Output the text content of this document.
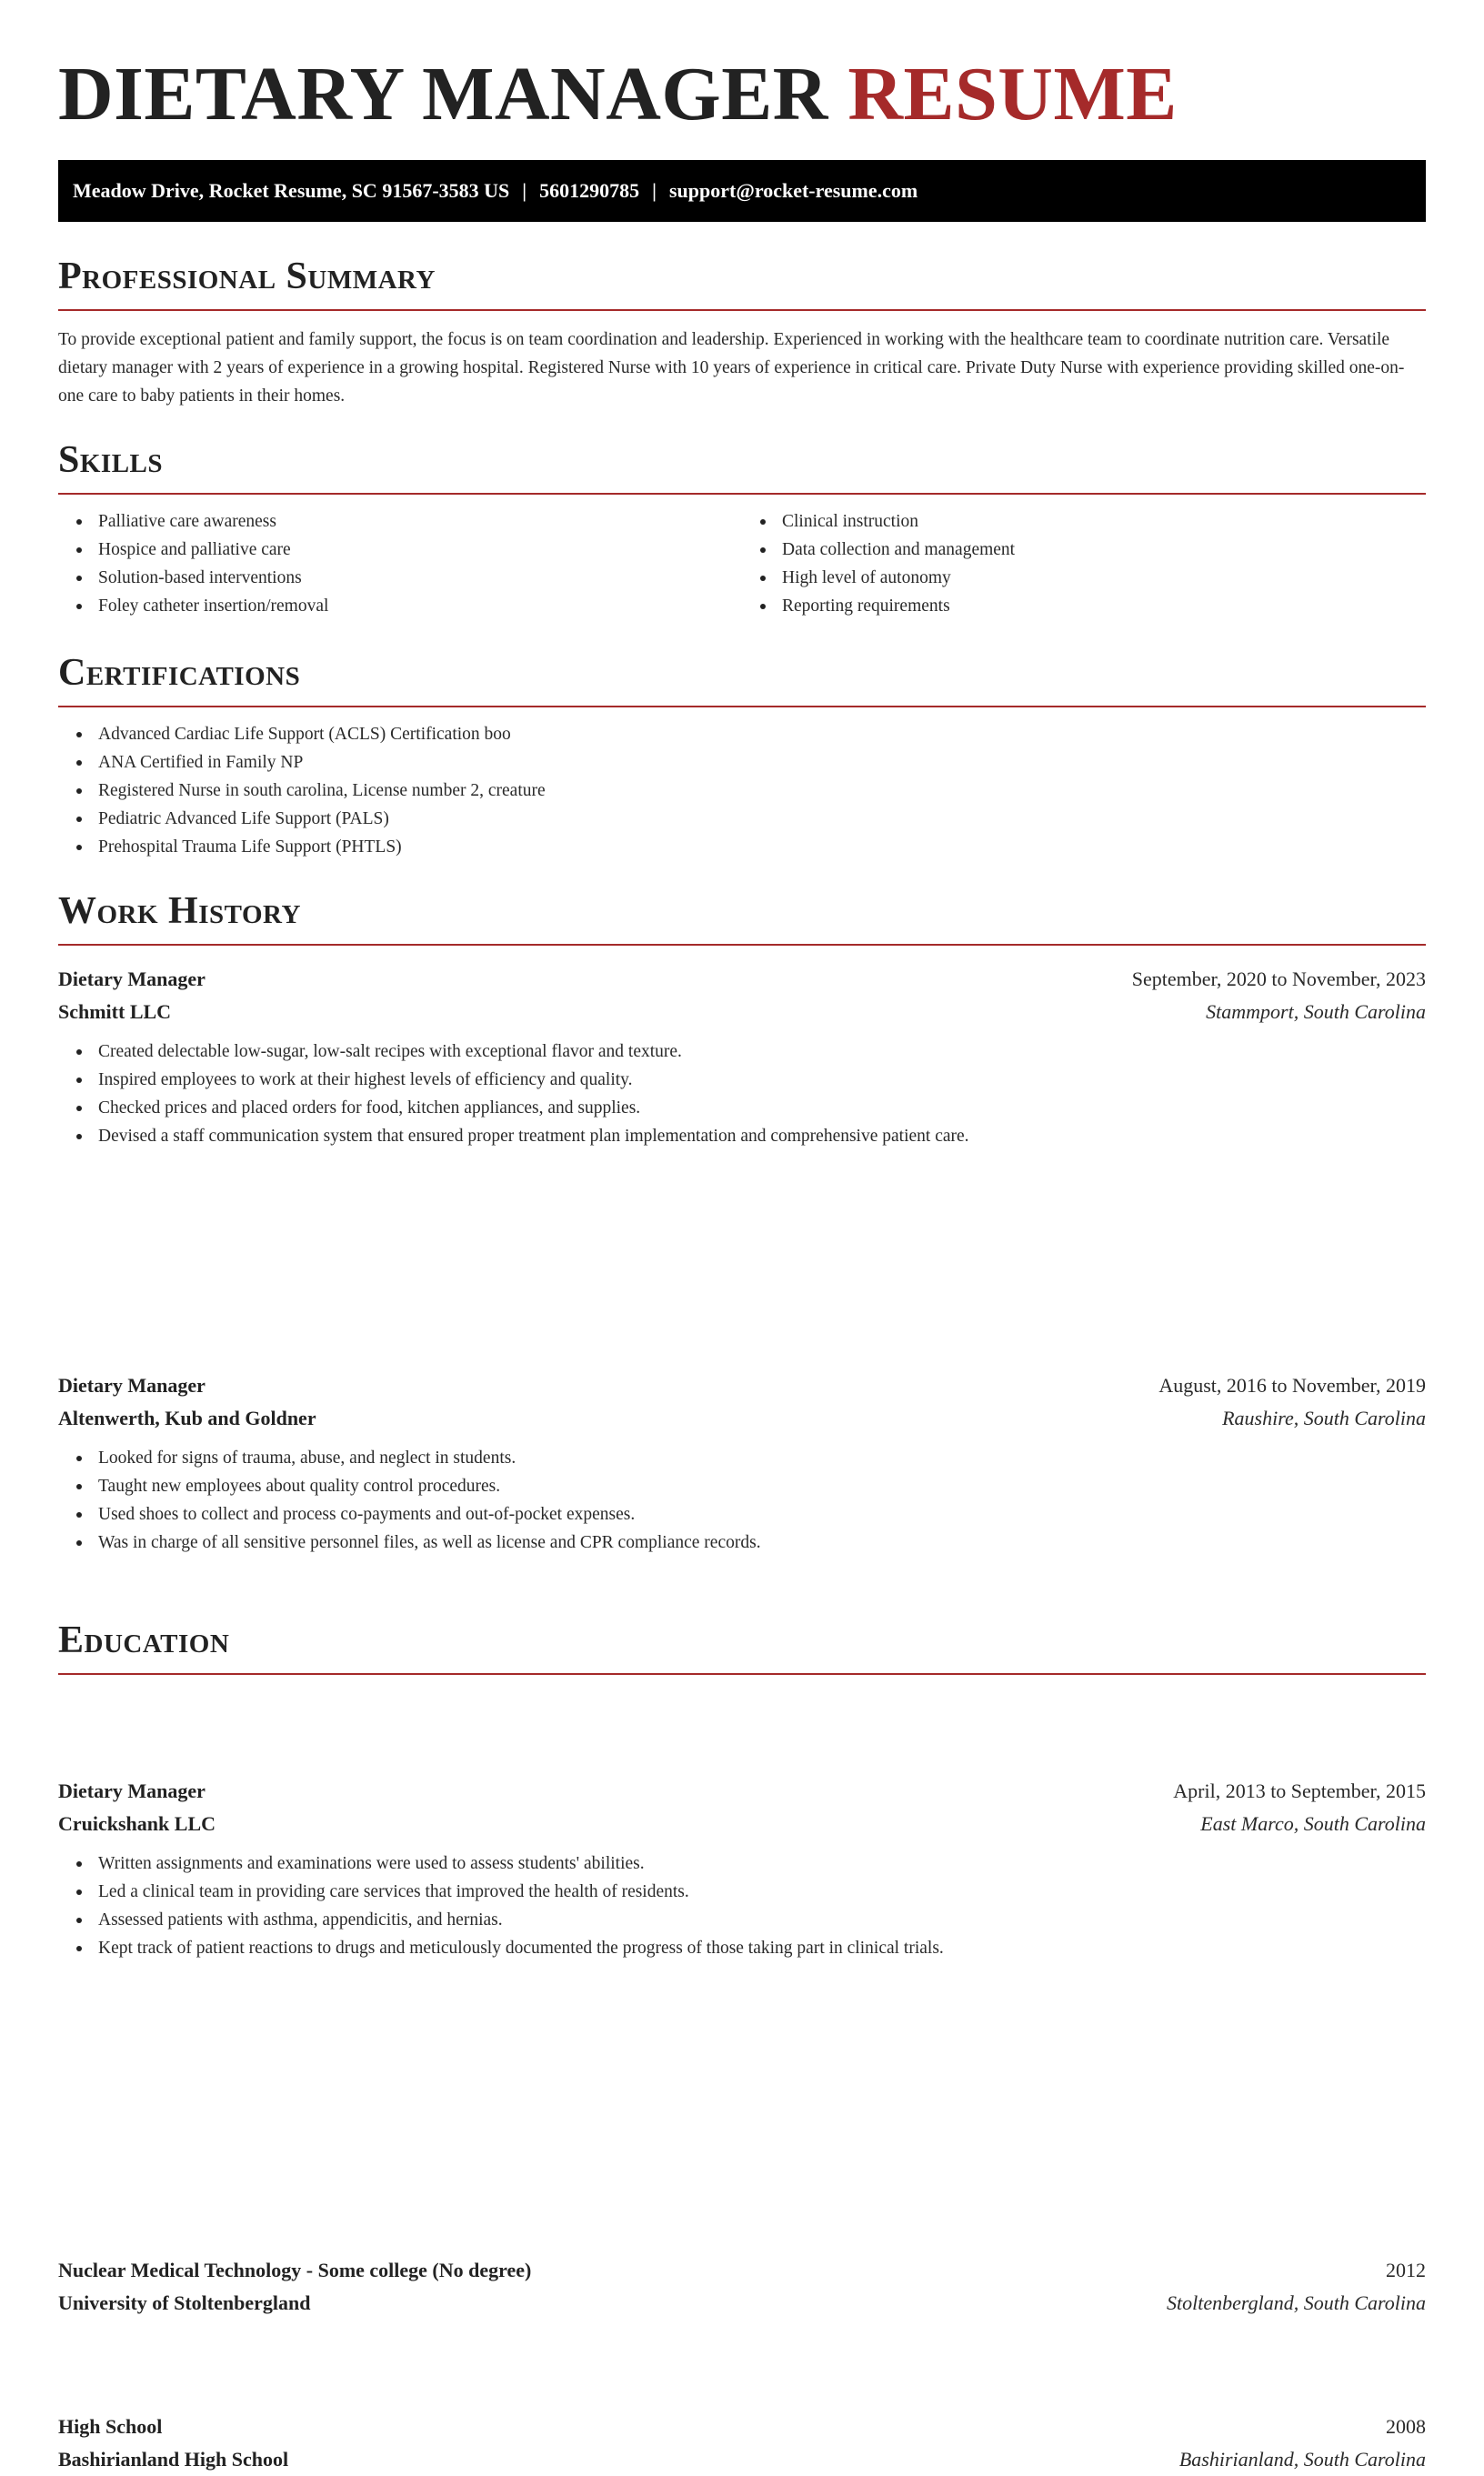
DIETARY MANAGER RESUME
Meadow Drive, Rocket Resume, SC 91567-3583 US | 5601290785 | support@rocket-resume.com
Professional Summary

To provide exceptional patient and family support, the focus is on team coordination and leadership. Experienced in working with the healthcare team to coordinate nutrition care. Versatile dietary manager with 2 years of experience in a growing hospital. Registered Nurse with 10 years of experience in critical care. Private Duty Nurse with experience providing skilled one-on-one care to baby patients in their homes.

Skills
Palliative care awareness
Hospice and palliative care
Solution-based interventions
Foley catheter insertion/removal
Clinical instruction
Data collection and management
High level of autonomy
Reporting requirements
Certifications
Advanced Cardiac Life Support (ACLS) Certification boo
ANA Certified in Family NP
Registered Nurse in south carolina, License number 2, creature
Pediatric Advanced Life Support (PALS)
Prehospital Trauma Life Support (PHTLS)
Work History
Dietary Manager	September, 2020 to November, 2023
Schmitt LLC	Stammport, South Carolina
Created delectable low-sugar, low-salt recipes with exceptional flavor and texture.
Inspired employees to work at their highest levels of efficiency and quality.
Checked prices and placed orders for food, kitchen appliances, and supplies.
Devised a staff communication system that ensured proper treatment plan implementation and comprehensive patient care.
Dietary Manager	August, 2016 to November, 2019
Altenwerth, Kub and Goldner	Raushire, South Carolina
Looked for signs of trauma, abuse, and neglect in students.
Taught new employees about quality control procedures.
Used shoes to collect and process co-payments and out-of-pocket expenses.
Was in charge of all sensitive personnel files, as well as license and CPR compliance records.
Dietary Manager	April, 2013 to September, 2015
Cruickshank LLC	East Marco, South Carolina
Written assignments and examinations were used to assess students' abilities.
Led a clinical team in providing care services that improved the health of residents.
Assessed patients with asthma, appendicitis, and hernias.
Kept track of patient reactions to drugs and meticulously documented the progress of those taking part in clinical trials.
Education
Nuclear Medical Technology - Some college (No degree)	2012
University of Stoltenbergland	Stoltenbergland, South Carolina
High School	2008
Bashirianland High School	Bashirianland, South Carolina
